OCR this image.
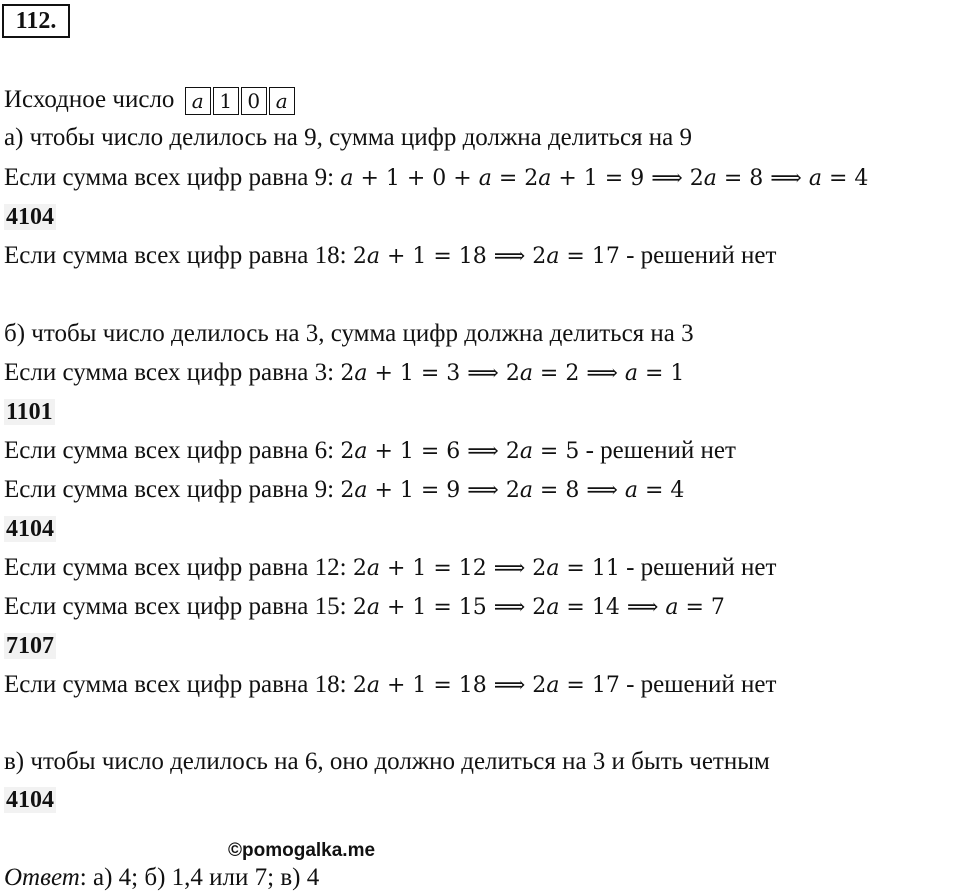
112.
Исходное число a 1 0 a
а) чтобы число делилось на 9, сумма цифр должна делиться на 9
Если сумма всех цифр равна 9: a + 1 + 0 + a = 2a + 1 = 9 ⟹ 2a = 8 ⟹ a = 4
4104
Если сумма всех цифр равна 18: 2a + 1 = 18 ⟹ 2a = 17 - решений нет
б) чтобы число делилось на 3, сумма цифр должна делиться на 3
Если сумма всех цифр равна 3: 2a + 1 = 3 ⟹ 2a = 2 ⟹ a = 1
1101
Если сумма всех цифр равна 6: 2a + 1 = 6 ⟹ 2a = 5 - решений нет
Если сумма всех цифр равна 9: 2a + 1 = 9 ⟹ 2a = 8 ⟹ a = 4
4104
Если сумма всех цифр равна 12: 2a + 1 = 12 ⟹ 2a = 11 - решений нет
Если сумма всех цифр равна 15: 2a + 1 = 15 ⟹ 2a = 14 ⟹ a = 7
7107
Если сумма всех цифр равна 18: 2a + 1 = 18 ⟹ 2a = 17 - решений нет
в) чтобы число делилось на 6, оно должно делиться на 3 и быть четным
4104
©pomogalka.me
Ответ: а) 4; б) 1,4 или 7; в) 4
